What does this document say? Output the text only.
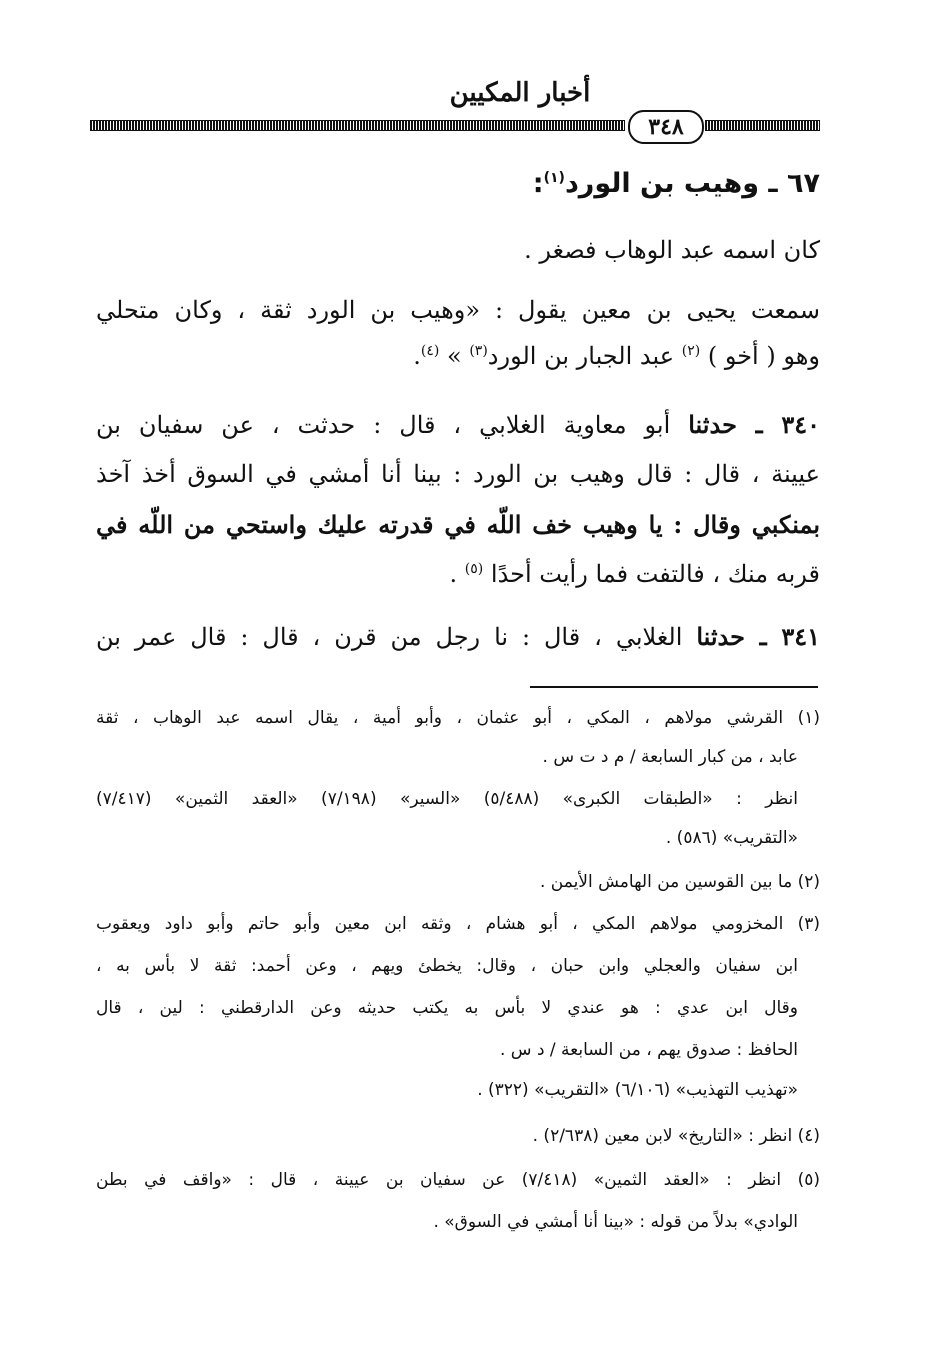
أخبار المكيين
٣٤٨
٦٧ ـ وهيب بن الورد$^{(١)}$:
كان اسمه عبد الوهاب فصغر .
سمعت يحيى بن معين يقول : «وهيب بن الورد ثقة ، وكان متحلي
وهو ( أخو ) $^{(٢)}$ عبد الجبار بن الورد$^{(٣)}$ » $^{(٤)}$.
٣٤٠ ـ حدثنا أبو معاوية الغلابي ، قال : حدثت ، عن سفيان بن
عيينة ، قال : قال وهيب بن الورد : بينا أنا أمشي في السوق أخذ آخذ
بمنكبي وقال : يا وهيب خف اللّه في قدرته عليك واستحي من اللّه في
قربه منك ، فالتفت فما رأيت أحدًا $^{(٥)}$ .
٣٤١ ـ حدثنا الغلابي ، قال : نا رجل من قرن ، قال : قال عمر بن
(١) القرشي مولاهم ، المكي ، أبو عثمان ، وأبو أمية ، يقال اسمه عبد الوهاب ، ثقة
عابد ، من كبار السابعة / م د ت س .
انظر : «الطبقات الكبرى» (٥/٤٨٨) «السير» (٧/١٩٨) «العقد الثمين» (٧/٤١٧)
«التقريب» (٥٨٦) .
(٢) ما بين القوسين من الهامش الأيمن .
(٣) المخزومي مولاهم المكي ، أبو هشام ، وثقه ابن معين وأبو حاتم وأبو داود ويعقوب
ابن سفيان والعجلي وابن حبان ، وقال: يخطئ ويهم ، وعن أحمد: ثقة لا بأس به ،
وقال ابن عدي : هو عندي لا بأس به يكتب حديثه وعن الدارقطني : لين ، قال
الحافظ : صدوق يهم ، من السابعة / د س .
«تهذيب التهذيب» (٦/١٠٦) «التقريب» (٣٢٢) .
(٤) انظر : «التاريخ» لابن معين (٢/٦٣٨) .
(٥) انظر : «العقد الثمين» (٧/٤١٨) عن سفيان بن عيينة ، قال : «واقف في بطن
الوادي» بدلاً من قوله : «بينا أنا أمشي في السوق» .
